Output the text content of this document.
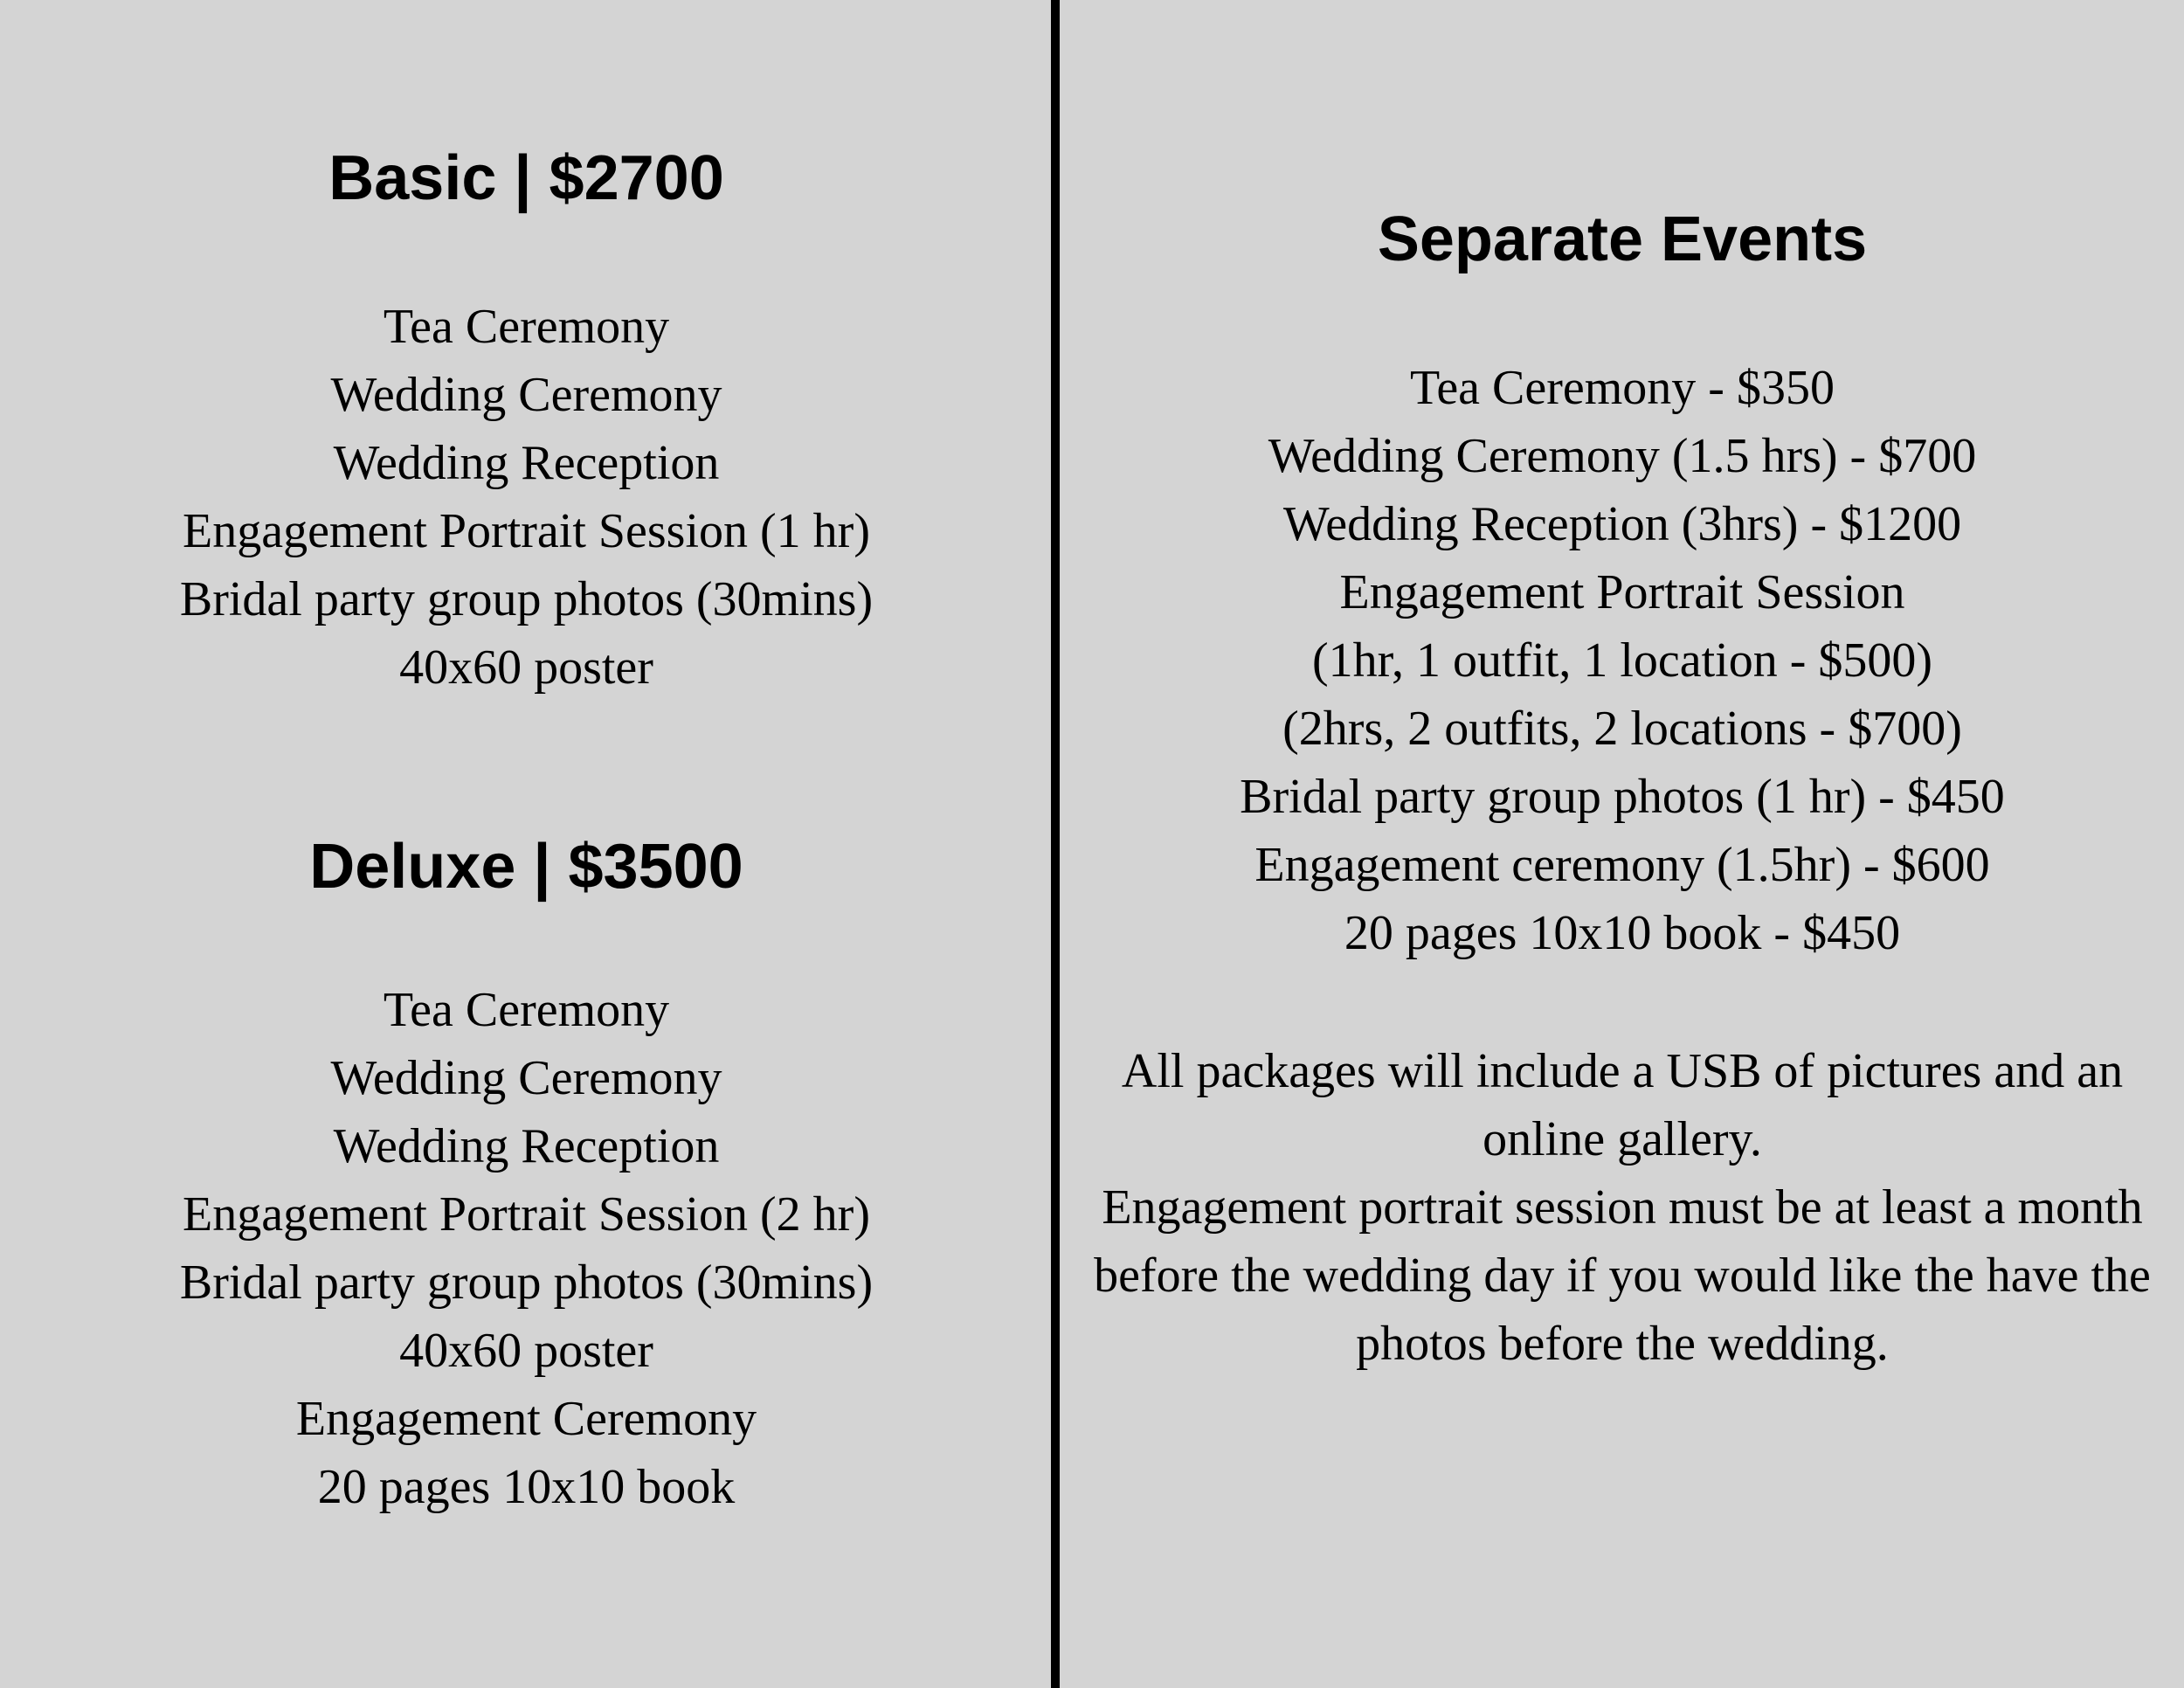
Basic | $2700
Tea Ceremony
Wedding Ceremony
Wedding Reception
Engagement Portrait Session (1 hr)
Bridal party group photos (30mins)
40x60 poster
Deluxe | $3500
Tea Ceremony
Wedding Ceremony
Wedding Reception
Engagement Portrait Session (2 hr)
Bridal party group photos (30mins)
40x60 poster
Engagement Ceremony
20 pages 10x10 book
Separate Events
Tea Ceremony - $350
Wedding Ceremony (1.5 hrs) - $700
Wedding Reception (3hrs) - $1200
Engagement Portrait Session
(1hr, 1 outfit, 1 location - $500)
(2hrs, 2 outfits, 2 locations - $700)
Bridal party group photos (1 hr) - $450
Engagement ceremony (1.5hr) - $600
20 pages 10x10 book - $450

All packages will include a USB of pictures and an online gallery.

Engagement portrait session must be at least a month before the wedding day if you would like the have the photos before the wedding.
